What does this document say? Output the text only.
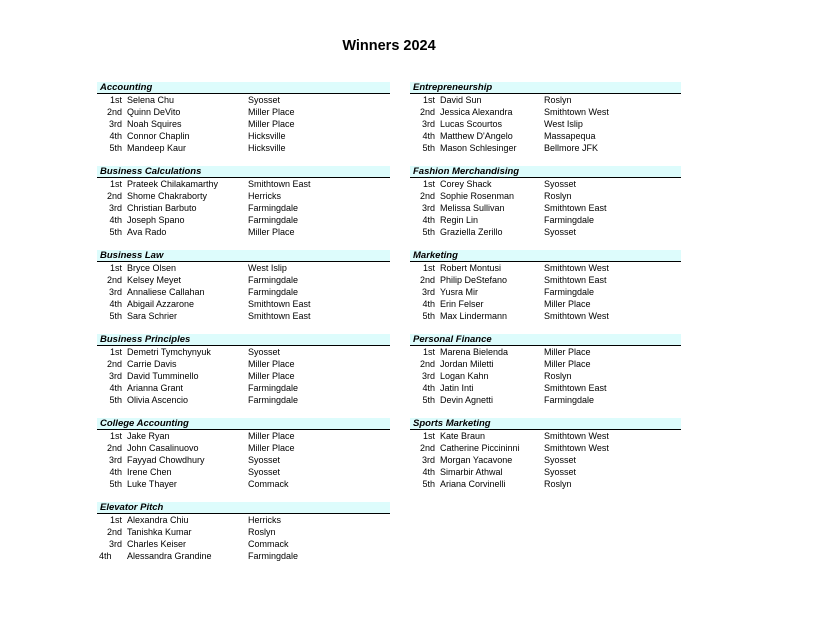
Winners 2024
Accounting
1st Selena Chu	Syosset
2nd Quinn DeVito	Miller Place
3rd Noah Squires	Miller Place
4th Connor Chaplin	Hicksville
5th Mandeep Kaur	Hicksville
Entrepreneurship
1st David Sun	Roslyn
2nd Jessica Alexandra	Smithtown West
3rd Lucas Scourtos	West Islip
4th Matthew D'Angelo	Massapequa
5th Mason Schlesinger	Bellmore JFK
Business Calculations
1st Prateek Chilakamarthy	Smithtown East
2nd Shome Chakraborty	Herricks
3rd Christian Barbuto	Farmingdale
4th Joseph Spano	Farmingdale
5th Ava Rado	Miller Place
Fashion Merchandising
1st Corey Shack	Syosset
2nd Sophie Rosenman	Roslyn
3rd Melissa Sullivan	Smithtown East
4th Regin Lin	Farmingdale
5th Graziella Zerillo	Syosset
Business Law
1st Bryce Olsen	West Islip
2nd Kelsey Meyet	Farmingdale
3rd Annaliese Callahan	Farmingdale
4th Abigail Azzarone	Smithtown East
5th Sara Schrier	Smithtown East
Marketing
1st Robert Montusi	Smithtown West
2nd Philip DeStefano	Smithtown East
3rd Yusra Mir	Farmingdale
4th Erin Felser	Miller Place
5th Max Lindermann	Smithtown West
Business Principles
1st Demetri Tymchynyuk	Syosset
2nd Carrie Davis	Miller Place
3rd David Tumminello	Miller Place
4th Arianna Grant	Farmingdale
5th Olivia Ascencio	Farmingdale
Personal Finance
1st Marena Bielenda	Miller Place
2nd Jordan Miletti	Miller Place
3rd Logan Kahn	Roslyn
4th Jatin Inti	Smithtown East
5th Devin Agnetti	Farmingdale
College Accounting
1st Jake Ryan	Miller Place
2nd John Casalinuovo	Miller Place
3rd Fayyad Chowdhury	Syosset
4th Irene Chen	Syosset
5th Luke Thayer	Commack
Sports Marketing
1st Kate Braun	Smithtown West
2nd Catherine Piccininni	Smithtown West
3rd Morgan Yacavone	Syosset
4th Simarbir Athwal	Syosset
5th Ariana Corvinelli	Roslyn
Elevator Pitch
1st Alexandra Chiu	Herricks
2nd Tanishka Kumar	Roslyn
3rd Charles Keiser	Commack
4th	Alessandra Grandine	Farmingdale
